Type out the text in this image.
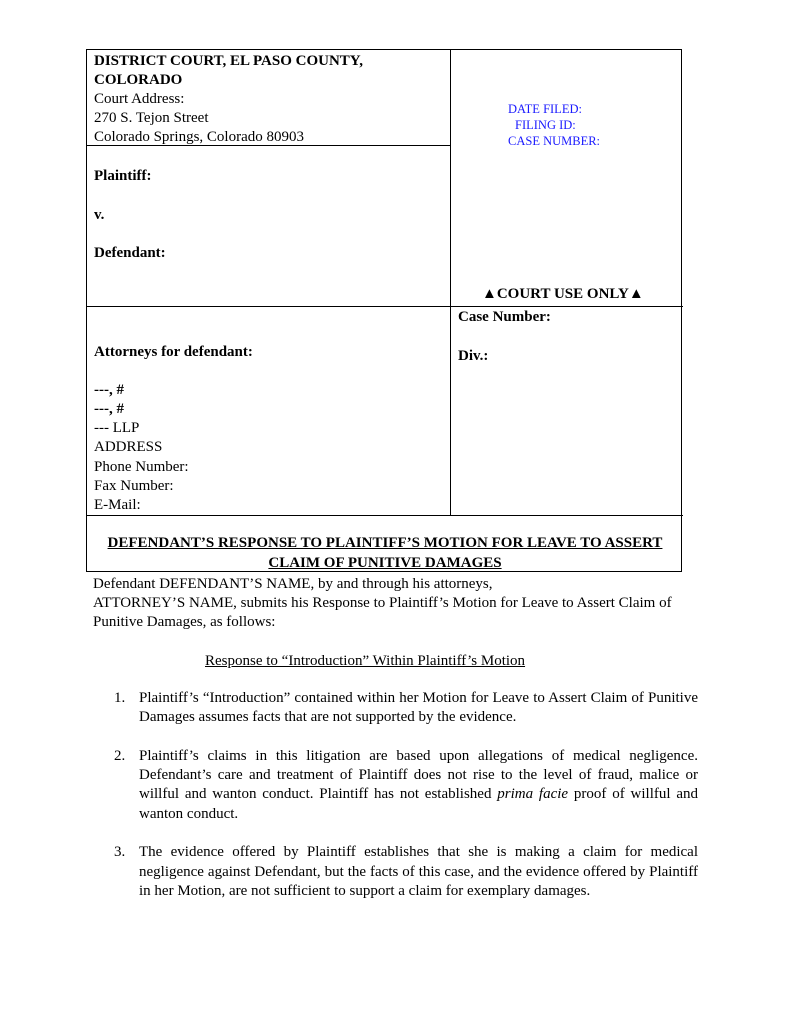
DISTRICT COURT, EL PASO COUNTY,
COLORADO
Court Address:
270 S. Tejon Street
Colorado Springs, Colorado 80903
Plaintiff:
v.
Defendant:
DATE FILED:
FILING ID:
CASE NUMBER:
▲COURT USE ONLY▲
Attorneys for defendant:
---, #
---, #
--- LLP
ADDRESS
Phone Number:
Fax Number:
E-Mail:
Case Number:
Div.:
DEFENDANT’S RESPONSE TO PLAINTIFF’S MOTION FOR LEAVE TO ASSERT
CLAIM OF PUNITIVE DAMAGES
Defendant DEFENDANT’S NAME, by and through his attorneys,
ATTORNEY’S NAME, submits his Response to Plaintiff’s Motion for Leave to Assert Claim of Punitive Damages, as follows:
Response to “Introduction” Within Plaintiff’s Motion
1. Plaintiff’s “Introduction” contained within her Motion for Leave to Assert Claim of Punitive Damages assumes facts that are not supported by the evidence.
2. Plaintiff’s claims in this litigation are based upon allegations of medical negligence. Defendant’s care and treatment of Plaintiff does not rise to the level of fraud, malice or willful and wanton conduct. Plaintiff has not established prima facie proof of willful and wanton conduct.
3. The evidence offered by Plaintiff establishes that she is making a claim for medical negligence against Defendant, but the facts of this case, and the evidence offered by Plaintiff in her Motion, are not sufficient to support a claim for exemplary damages.
